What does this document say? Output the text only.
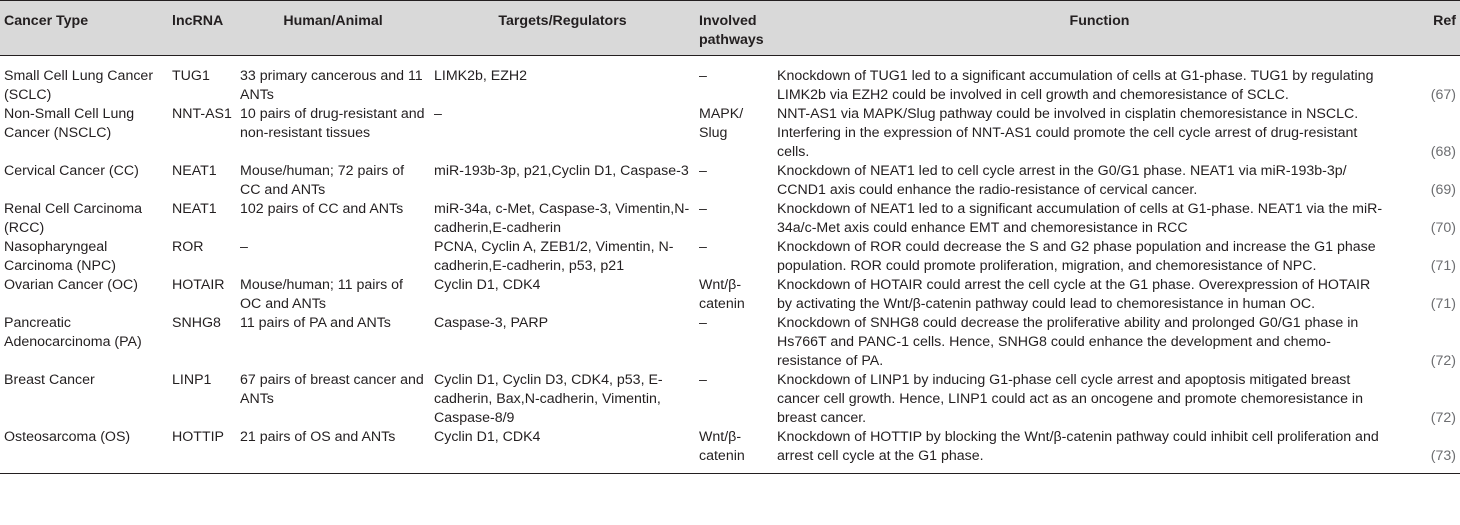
Cancer Type	lncRNA	Human/Animal	Targets/Regulators	Involved pathways	Function	Ref
Small Cell Lung Cancer (SCLC)	TUG1	33 primary cancerous and 11 ANTs	LIMK2b, EZH2	–	Knockdown of TUG1 led to a significant accumulation of cells at G1-phase. TUG1 by regulating LIMK2b via EZH2 could be involved in cell growth and chemoresistance of SCLC.	(67)
Non-Small Cell Lung Cancer (NSCLC)	NNT-AS1	10 pairs of drug-resistant and non-resistant tissues	–	MAPK/ Slug	NNT-AS1 via MAPK/Slug pathway could be involved in cisplatin chemoresistance in NSCLC. Interfering in the expression of NNT-AS1 could promote the cell cycle arrest of drug-resistant cells.	(68)
Cervical Cancer (CC)	NEAT1	Mouse/human; 72 pairs of CC and ANTs	miR-193b-3p, p21,Cyclin D1, Caspase-3	–	Knockdown of NEAT1 led to cell cycle arrest in the G0/G1 phase. NEAT1 via miR-193b-3p/ CCND1 axis could enhance the radio-resistance of cervical cancer.	(69)
Renal Cell Carcinoma (RCC)	NEAT1	102 pairs of CC and ANTs	miR-34a, c-Met, Caspase-3, Vimentin,N-cadherin,E-cadherin	–	Knockdown of NEAT1 led to a significant accumulation of cells at G1-phase. NEAT1 via the miR-34a/c-Met axis could enhance EMT and chemoresistance in RCC	(70)
Nasopharyngeal Carcinoma (NPC)	ROR	–	PCNA, Cyclin A, ZEB1/2, Vimentin, N-cadherin,E-cadherin, p53, p21	–	Knockdown of ROR could decrease the S and G2 phase population and increase the G1 phase population. ROR could promote proliferation, migration, and chemoresistance of NPC.	(71)
Ovarian Cancer (OC)	HOTAIR	Mouse/human; 11 pairs of OC and ANTs	Cyclin D1, CDK4	Wnt/β-catenin	Knockdown of HOTAIR could arrest the cell cycle at the G1 phase. Overexpression of HOTAIR by activating the Wnt/β-catenin pathway could lead to chemoresistance in human OC.	(71)
Pancreatic Adenocarcinoma (PA)	SNHG8	11 pairs of PA and ANTs	Caspase-3, PARP	–	Knockdown of SNHG8 could decrease the proliferative ability and prolonged G0/G1 phase in Hs766T and PANC-1 cells. Hence, SNHG8 could enhance the development and chemo-resistance of PA.	(72)
Breast Cancer	LINP1	67 pairs of breast cancer and ANTs	Cyclin D1, Cyclin D3, CDK4, p53, E-cadherin, Bax,N-cadherin, Vimentin, Caspase-8/9	–	Knockdown of LINP1 by inducing G1-phase cell cycle arrest and apoptosis mitigated breast cancer cell growth. Hence, LINP1 could act as an oncogene and promote chemoresistance in breast cancer.	(72)
Osteosarcoma (OS)	HOTTIP	21 pairs of OS and ANTs	Cyclin D1, CDK4	Wnt/β-catenin	Knockdown of HOTTIP by blocking the Wnt/β-catenin pathway could inhibit cell proliferation and arrest cell cycle at the G1 phase.	(73)
